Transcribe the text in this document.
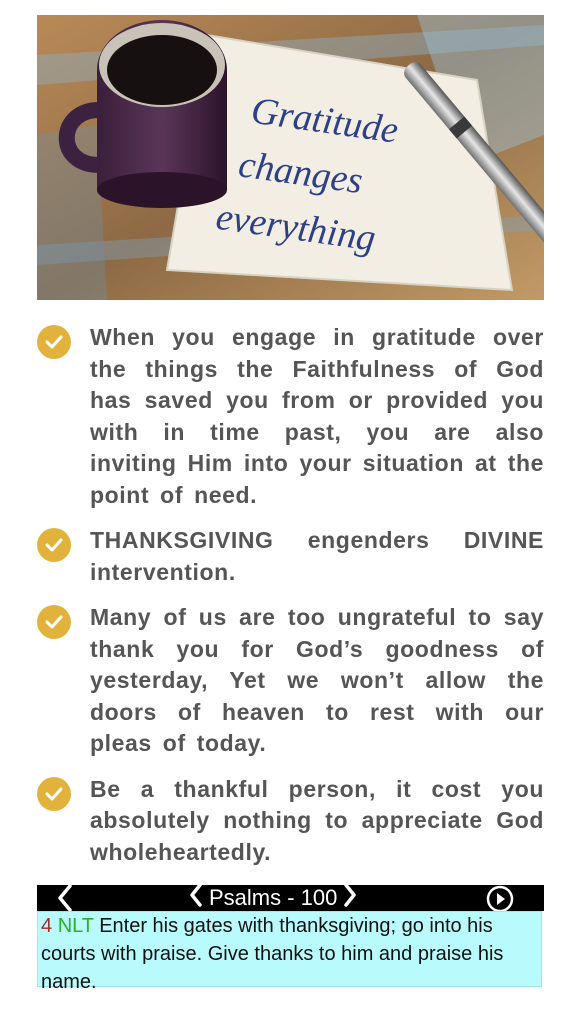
Gratitude
changes
everything
When you engage in gratitude over the things the Faithfulness of God has saved you from or provided you with in time past, you are also inviting Him into your situation at the point of need.
THANKSGIVING engenders DIVINE intervention.
Many of us are too ungrateful to say thank you for God’s goodness of yesterday, Yet we won’t allow the doors of heaven to rest with our pleas of today.
Be a thankful person, it cost you absolutely nothing to appreciate God wholeheartedly.
Psalms - 100
4 NLT Enter his gates with thanksgiving; go into his courts with praise. Give thanks to him and praise his name.
